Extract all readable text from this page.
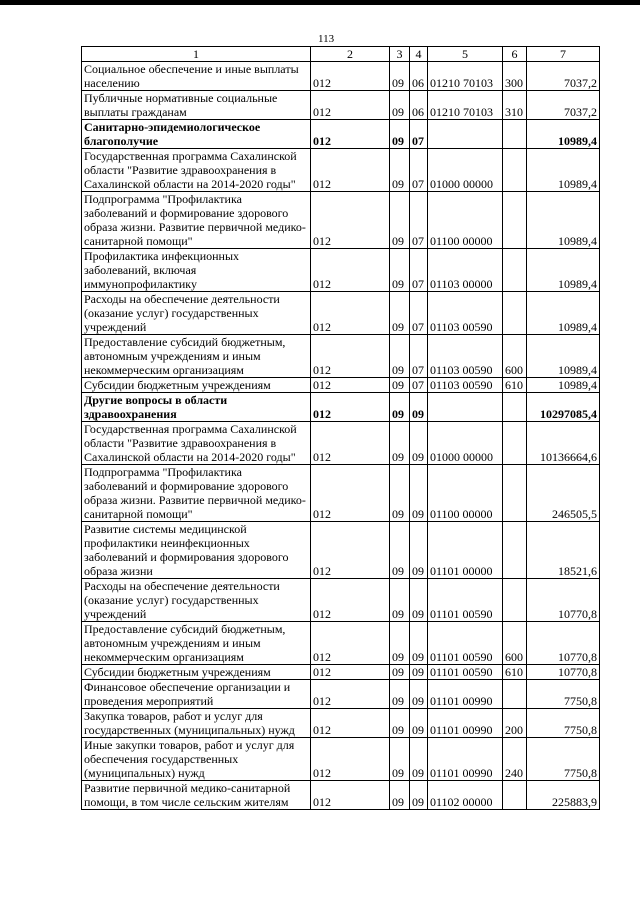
113
1	2	3	4	5	6	7
Социальное обеспечение и иные выплаты населению	012	09	06	01210 70103	300	7037,2
Публичные нормативные социальные выплаты гражданам	012	09	06	01210 70103	310	7037,2
Санитарно-эпидемиологическое благополучие	012	09	07			10989,4
Государственная программа Сахалинской области "Развитие здравоохранения в Сахалинской области на 2014-2020 годы"	012	09	07	01000 00000		10989,4
Подпрограмма "Профилактика заболеваний и формирование здорового образа жизни. Развитие первичной медико-санитарной помощи"	012	09	07	01100 00000		10989,4
Профилактика инфекционных заболеваний, включая иммунопрофилактику	012	09	07	01103 00000		10989,4
Расходы на обеспечение деятельности (оказание услуг) государственных учреждений	012	09	07	01103 00590		10989,4
Предоставление субсидий бюджетным, автономным учреждениям и иным некоммерческим организациям	012	09	07	01103 00590	600	10989,4
Субсидии бюджетным учреждениям	012	09	07	01103 00590	610	10989,4
Другие вопросы в области здравоохранения	012	09	09			10297085,4
Государственная программа Сахалинской области "Развитие здравоохранения в Сахалинской области на 2014-2020 годы"	012	09	09	01000 00000		10136664,6
Подпрограмма "Профилактика заболеваний и формирование здорового образа жизни. Развитие первичной медико-санитарной помощи"	012	09	09	01100 00000		246505,5
Развитие системы медицинской профилактики неинфекционных заболеваний и формирования здорового образа жизни	012	09	09	01101 00000		18521,6
Расходы на обеспечение деятельности (оказание услуг) государственных учреждений	012	09	09	01101 00590		10770,8
Предоставление субсидий бюджетным, автономным учреждениям и иным некоммерческим организациям	012	09	09	01101 00590	600	10770,8
Субсидии бюджетным учреждениям	012	09	09	01101 00590	610	10770,8
Финансовое обеспечение организации и проведения мероприятий	012	09	09	01101 00990		7750,8
Закупка товаров, работ и услуг для государственных (муниципальных) нужд	012	09	09	01101 00990	200	7750,8
Иные закупки товаров, работ и услуг для обеспечения государственных (муниципальных) нужд	012	09	09	01101 00990	240	7750,8
Развитие первичной медико-санитарной помощи, в том числе сельским жителям	012	09	09	01102 00000		225883,9
